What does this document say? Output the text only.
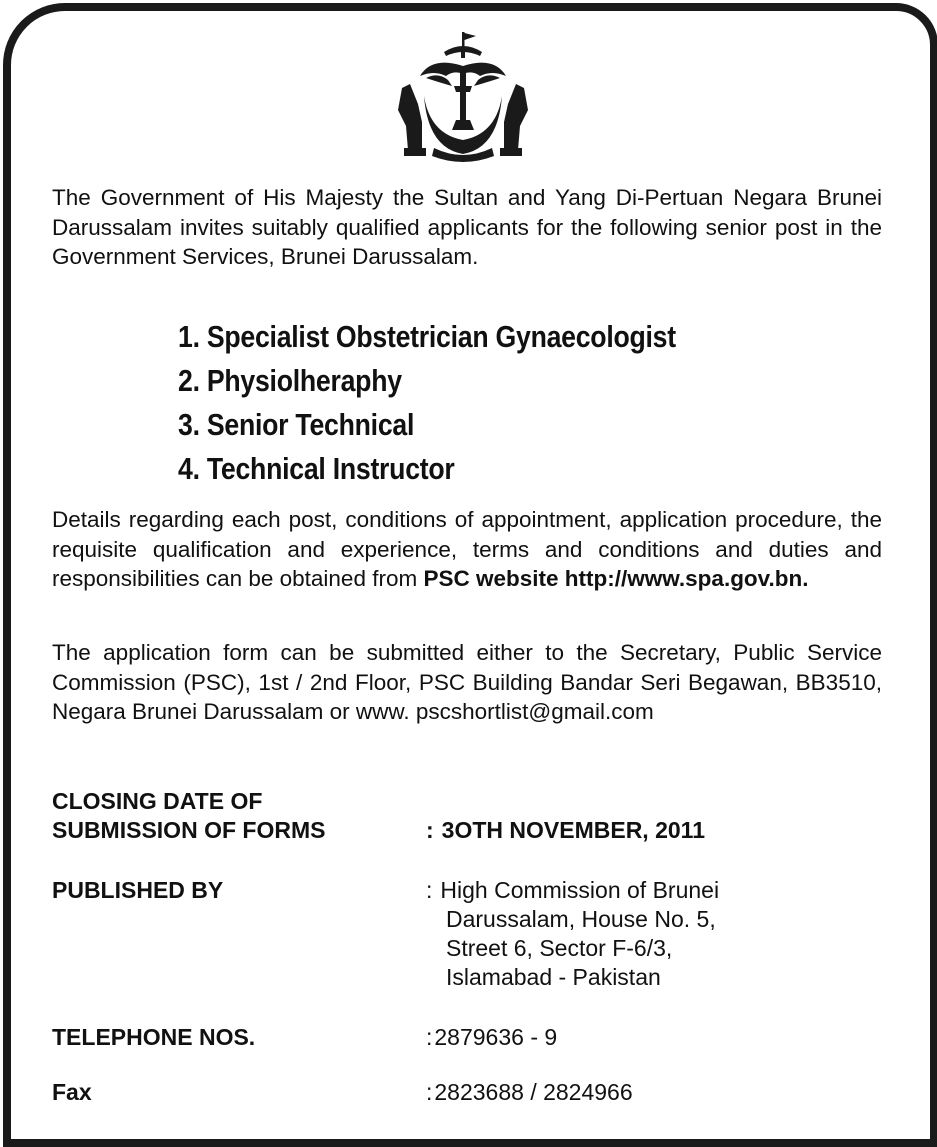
The Government of His Majesty the Sultan and Yang Di-Pertuan Negara Brunei Darussalam invites suitably qualified applicants for the following senior post in the Government Services, Brunei Darussalam.

1. Specialist Obstetrician Gynaecologist
2. Physiolheraphy
3. Senior Technical
4. Technical Instructor

Details regarding each post, conditions of appointment, application procedure, the requisite qualification and experience, terms and conditions and duties and responsibilities can be obtained from PSC website http://www.spa.gov.bn.

The application form can be submitted either to the Secretary, Public Service Commission (PSC), 1st / 2nd Floor, PSC Building Bandar Seri Begawan, BB3510, Negara Brunei Darussalam or www. pscshortlist@gmail.com

CLOSING DATE OF
SUBMISSION OF FORMS	: 3OTH NOVEMBER, 2011
PUBLISHED BY	: High Commission of Brunei
Darussalam, House No. 5,
Street 6, Sector F-6/3,
Islamabad - Pakistan
TELEPHONE NOS.	:2879636 - 9
Fax	:2823688 / 2824966
